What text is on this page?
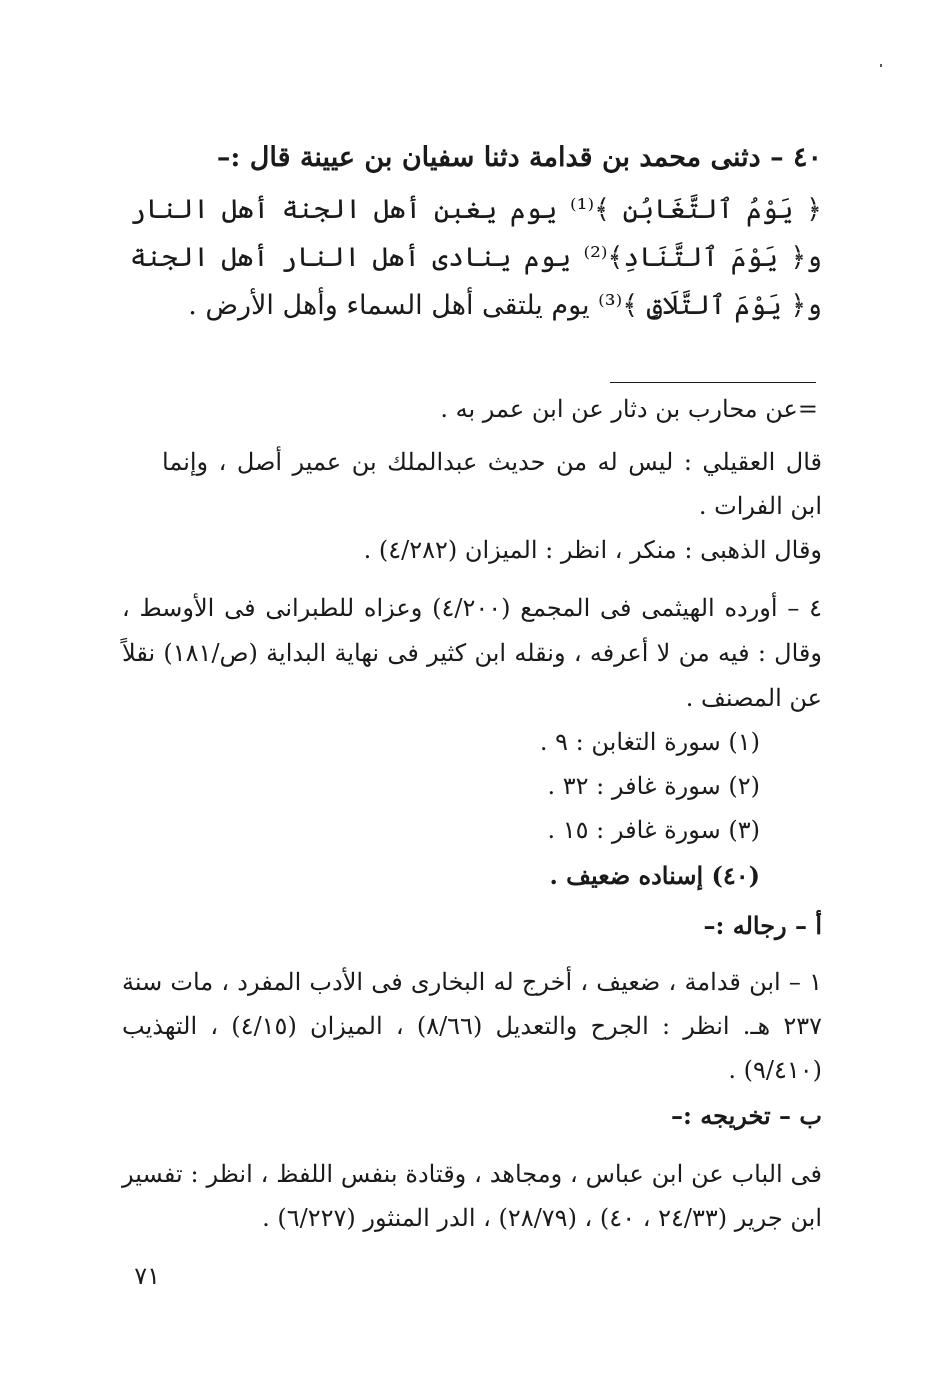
٤٠ – دثنى محمد بن قدامة دثنا سفيان بن عيينة قال :–
﴿ يَوْمُ ٱلتَّغَابُنِ ﴾⁽¹⁾ يوم يغبن أهل الجنة أهل النار و﴿ يَوْمَ ٱلتَّنَادِ﴾⁽²⁾ يوم ينادى أهل النار أهل الجنة و﴿ يَوْمَ ٱلتَّلَاقِ ﴾⁽³⁾ يوم يلتقى أهل السماء وأهل الأرض .
=عن محارب بن دثار عن ابن عمر به .
قال العقيلي : ليس له من حديث عبدالملك بن عمير أصل ، وإنما ابن الفرات .
وقال الذهبى : منكر ، انظر : الميزان (٤/٢٨٢) .
٤ – أورده الهيثمى فى المجمع (٤/٢٠٠) وعزاه للطبرانى فى الأوسط ، وقال : فيه من لا أعرفه ، ونقله ابن كثير فى نهاية البداية (ص/١٨١) نقلاً عن المصنف .
(١) سورة التغابن : ٩ .
(٢) سورة غافر : ٣٢ .
(٣) سورة غافر : ١٥ .
(٤٠) إسناده ضعيف .
أ – رجاله :–
١ – ابن قدامة ، ضعيف ، أخرج له البخارى فى الأدب المفرد ، مات سنة ٢٣٧ هـ. انظر : الجرح والتعديل (٨/٦٦) ، الميزان (٤/١٥) ، التهذيب (٩/٤١٠) .
ب – تخريجه :–
فى الباب عن ابن عباس ، ومجاهد ، وقتادة بنفس اللفظ ، انظر : تفسير ابن جرير (٢٤/٣٣ ، ٤٠) ، (٢٨/٧٩) ، الدر المنثور (٦/٢٢٧) .
٧١
